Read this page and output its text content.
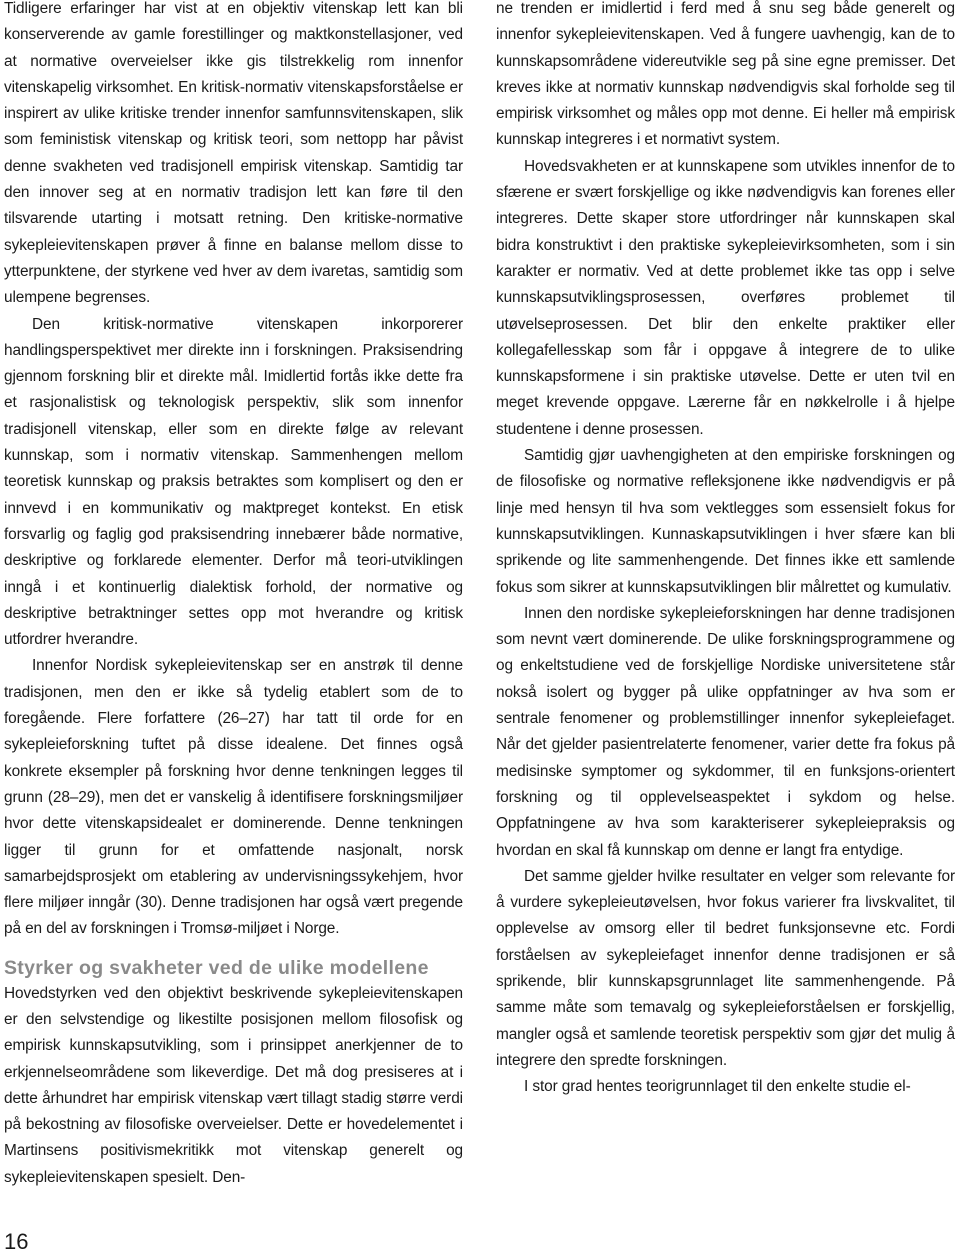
Tidligere erfaringer har vist at en objektiv vitenskap lett kan bli konserverende av gamle forestillinger og maktkonstellasjoner, ved at normative overveielser ikke gis tilstrekkelig rom innenfor vitenskapelig virksomhet. En kritisk-normativ vitenskapsforståelse er inspirert av ulike kritiske trender innenfor samfunnsvitenskapen, slik som feministisk vitenskap og kritisk teori, som nettopp har påvist denne svakheten ved tradisjonell empirisk vitenskap. Samtidig tar den innover seg at en normativ tradisjon lett kan føre til den tilsvarende utarting i motsatt retning. Den kritiske-normative sykepleievitenskapen prøver å finne en balanse mellom disse to ytterpunktene, der styrkene ved hver av dem ivaretas, samtidig som ulempene begrenses.

Den kritisk-normative vitenskapen inkorporerer handlingsperspektivet mer direkte inn i forskningen. Praksisendring gjennom forskning blir et direkte mål. Imidlertid fortås ikke dette fra et rasjonalistisk og teknologisk perspektiv, slik som innenfor tradisjonell vitenskap, eller som en direkte følge av relevant kunnskap, som i normativ vitenskap. Sammenhengen mellom teoretisk kunnskap og praksis betraktes som komplisert og den er innvevd i en kommunikativ og maktpreget kontekst. En etisk forsvarlig og faglig god praksisendring innebærer både normative, deskriptive og forklarede elementer. Derfor må teori-utviklingen inngå i et kontinuerlig dialektisk forhold, der normative og deskriptive betraktninger settes opp mot hverandre og kritisk utfordrer hverandre.

Innenfor Nordisk sykepleievitenskap ser en anstrøk til denne tradisjonen, men den er ikke så tydelig etablert som de to foregående. Flere forfattere (26–27) har tatt til orde for en sykepleieforskning tuftet på disse idealene. Det finnes også konkrete eksempler på forskning hvor denne tenkningen legges til grunn (28–29), men det er vanskelig å identifisere forskningsmiljøer hvor dette vitenskapsidealet er dominerende. Denne tenkningen ligger til grunn for et omfattende nasjonalt, norsk samarbejdsprosjekt om etablering av undervisningssykehjem, hvor flere miljøer inngår (30). Denne tradisjonen har også vært pregende på en del av forskningen i Tromsø-miljøet i Norge.

Styrker og svakheter ved de ulike modellene

Hovedstyrken ved den objektivt beskrivende sykepleievitenskapen er den selvstendige og likestilte posisjonen mellom filosofisk og empirisk kunnskapsutvikling, som i prinsippet anerkjenner de to erkjennelseområdene som likeverdige. Det må dog presiseres at i dette århundret har empirisk vitenskap vært tillagt stadig større verdi på bekostning av filosofiske overveielser. Dette er hovedelementet i Martinsens positivismekritikk mot vitenskap generelt og sykepleievitenskapen spesielt. Den-

ne trenden er imidlertid i ferd med å snu seg både generelt og innenfor sykepleievitenskapen. Ved å fungere uavhengig, kan de to kunnskapsområdene videreutvikle seg på sine egne premisser. Det kreves ikke at normativ kunnskap nødvendigvis skal forholde seg til empirisk virksomhet og måles opp mot denne. Ei heller må empirisk kunnskap integreres i et normativt system.

Hovedsvakheten er at kunnskapene som utvikles innenfor de to sfærene er svært forskjellige og ikke nødvendigvis kan forenes eller integreres. Dette skaper store utfordringer når kunnskapen skal bidra konstruktivt i den praktiske sykepleievirksomheten, som i sin karakter er normativ. Ved at dette problemet ikke tas opp i selve kunnskapsutviklingsprosessen, overføres problemet til utøvelseprosessen. Det blir den enkelte praktiker eller kollegafellesskap som får i oppgave å integrere de to ulike kunnskapsformene i sin praktiske utøvelse. Dette er uten tvil en meget krevende oppgave. Lærerne får en nøkkelrolle i å hjelpe studentene i denne prosessen.

Samtidig gjør uavhengigheten at den empiriske forskningen og de filosofiske og normative refleksjonene ikke nødvendigvis er på linje med hensyn til hva som vektlegges som essensielt fokus for kunnskapsutviklingen. Kunnaskapsutviklingen i hver sfære kan bli sprikende og lite sammenhengende. Det finnes ikke ett samlende fokus som sikrer at kunnskapsutviklingen blir målrettet og kumulativ.

Innen den nordiske sykepleieforskningen har denne tradisjonen som nevnt vært dominerende. De ulike forskningsprogrammene og og enkeltstudiene ved de forskjellige Nordiske universitetene står nokså isolert og bygger på ulike oppfatninger av hva som er sentrale fenomener og problemstillinger innenfor sykepleiefaget. Når det gjelder pasientrelaterte fenomener, varier dette fra fokus på medisinske symptomer og sykdommer, til en funksjons-orientert forskning og til opplevelseaspektet i sykdom og helse. Oppfatningene av hva som karakteriserer sykepleiepraksis og hvordan en skal få kunnskap om denne er langt fra entydige.

Det samme gjelder hvilke resultater en velger som relevante for å vurdere sykepleieutøvelsen, hvor fokus varierer fra livskvalitet, til opplevelse av omsorg eller til bedret funksjonsevne etc. Fordi forståelsen av sykepleiefaget innenfor denne tradisjonen er så sprikende, blir kunnskapsgrunnlaget lite sammenhengende. På samme måte som temavalg og sykepleieforståelsen er forskjellig, mangler også et samlende teoretisk perspektiv som gjør det mulig å integrere den spredte forskningen.

I stor grad hentes teorigrunnlaget til den enkelte studie el-

16
